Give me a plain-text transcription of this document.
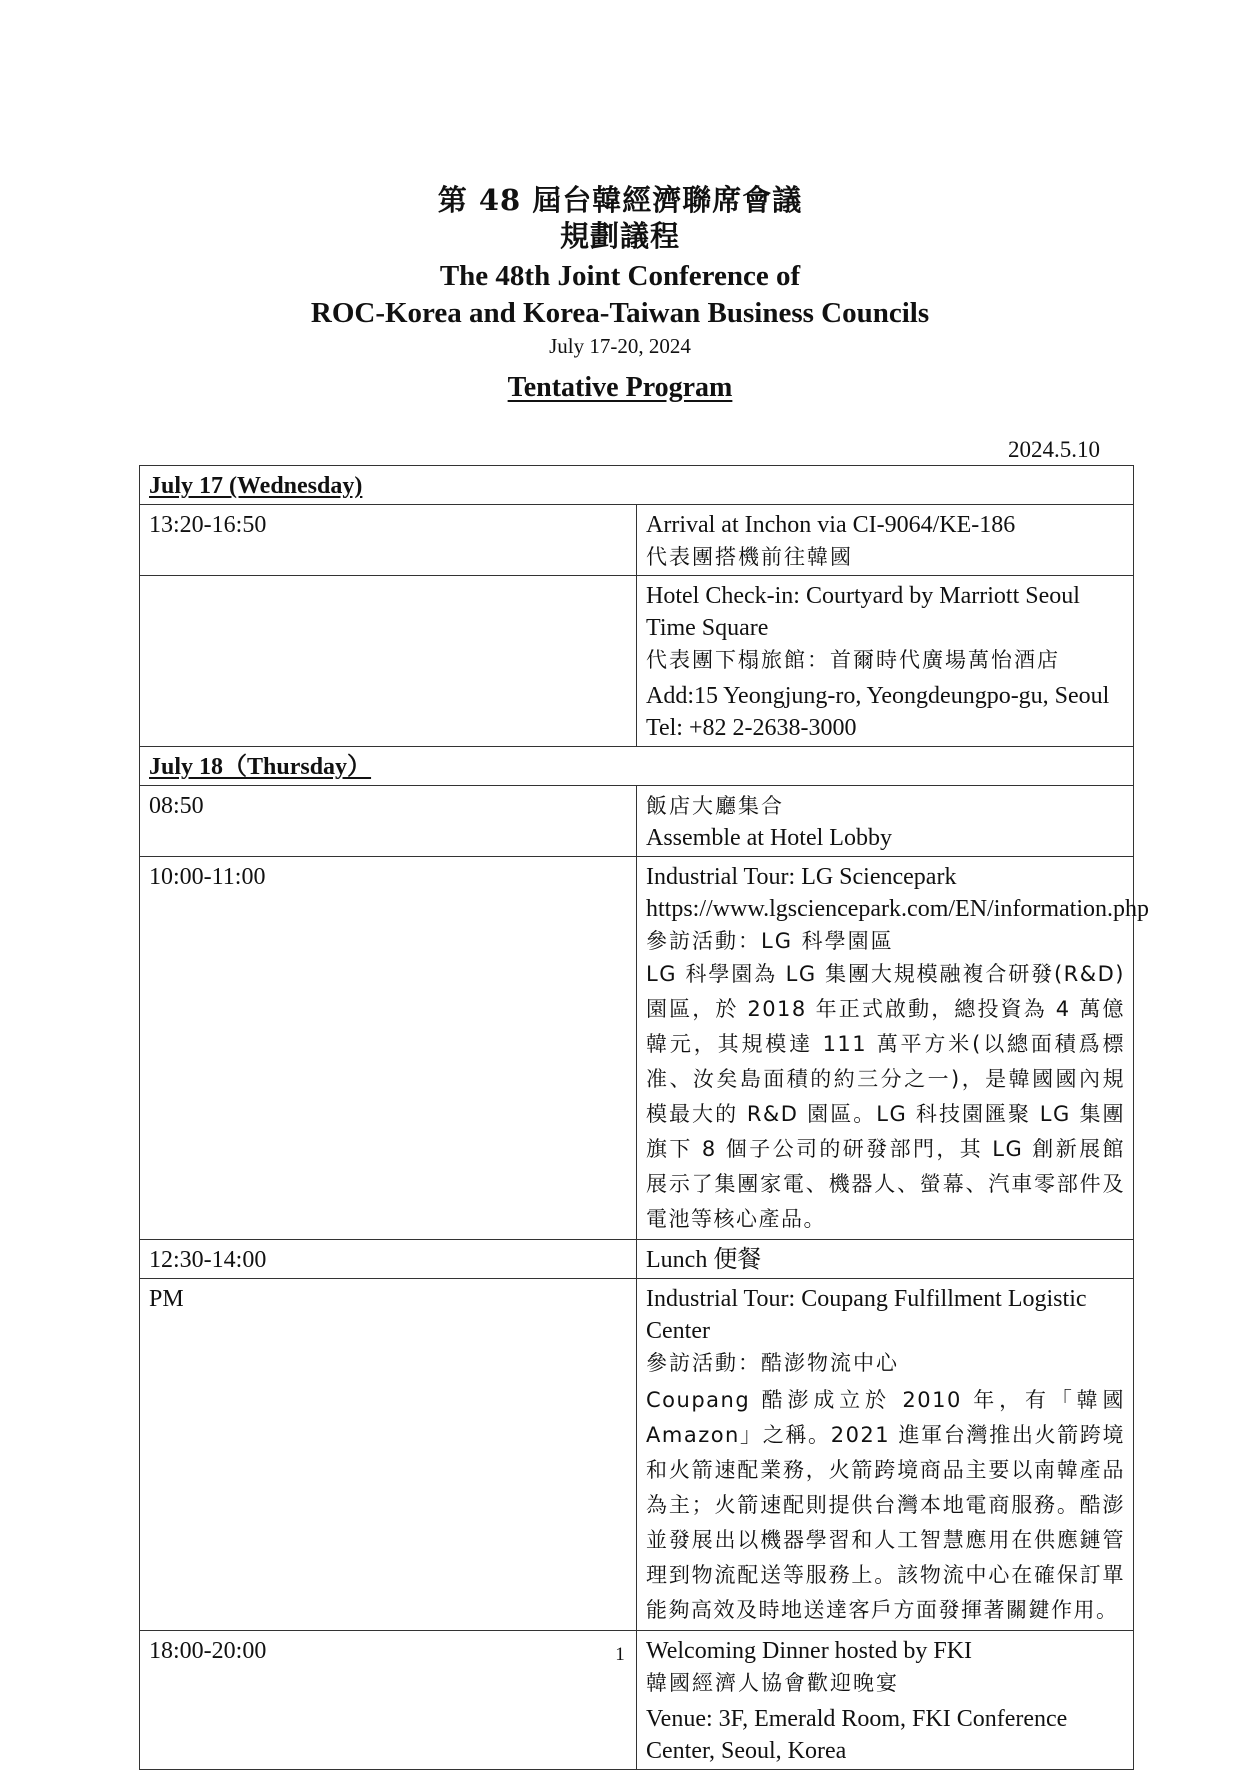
第 48 屆台韓經濟聯席會議
規劃議程
The 48th Joint Conference of
ROC-Korea and Korea-Taiwan Business Councils
July 17-20, 2024
Tentative Program
2024.5.10
July 17 (Wednesday)	
13:20-16:50	Arrival at Inchon via CI-9064/KE-186
代表團搭機前往韓國

	Hotel Check-in: Courtyard by Marriott Seoul Time Square
代表團下榻旅館：首爾時代廣場萬怡酒店
Add:15 Yeongjung-ro, Yeongdeungpo-gu, Seoul
Tel: +82 2-2638-3000

July 18（Thursday）	
08:50	飯店大廳集合
Assemble at Hotel Lobby

10:00-11:00	Industrial Tour: LG Sciencepark
https://www.lgsciencepark.com/EN/information.php
參訪活動：LG 科學園區
LG 科學園為 LG 集團大規模融複合研發(R&D)園區，於 2018 年正式啟動，總投資為 4 萬億韓元，其規模達 111 萬平方米(以總面積爲標准、汝矣島面積的約三分之一)，是韓國國內規模最大的 R&D 園區。LG 科技園匯聚 LG 集團旗下 8 個子公司的研發部門，其 LG 創新展館展示了集團家電、機器人、螢幕、汽車零部件及電池等核心產品。

12:30-14:00	Lunch 便餐

PM	Industrial Tour: Coupang Fulfillment Logistic Center
參訪活動：酷澎物流中心
Coupang 酷澎成立於 2010 年，有「韓國 Amazon」之稱。2021 進軍台灣推出火箭跨境和火箭速配業務，火箭跨境商品主要以南韓產品為主；火箭速配則提供台灣本地電商服務。酷澎並發展出以機器學習和人工智慧應用在供應鏈管理到物流配送等服務上。該物流中心在確保訂單能夠高效及時地送達客戶方面發揮著關鍵作用。

18:00-20:00	Welcoming Dinner hosted by FKI
韓國經濟人協會歡迎晚宴
Venue: 3F, Emerald Room, FKI Conference Center, Seoul, Korea
1
